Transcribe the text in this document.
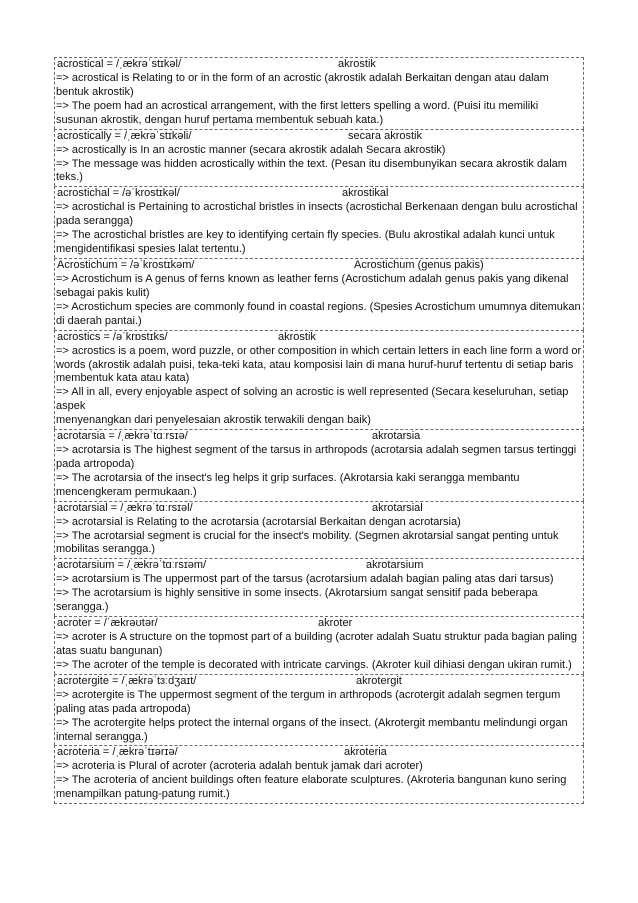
acrostical = /ˌækrəˈstɪkəl/	akrostik
=> acrostical is Relating to or in the form of an acrostic (akrostik adalah Berkaitan dengan atau dalam bentuk akrostik)
=> The poem had an acrostical arrangement, with the first letters spelling a word. (Puisi itu memiliki susunan akrostik, dengan huruf pertama membentuk sebuah kata.)
acrostically = /ˌækrəˈstɪkəli/	secara akrostik
=> acrostically is In an acrostic manner (secara akrostik adalah Secara akrostik)
=> The message was hidden acrostically within the text. (Pesan itu disembunyikan secara akrostik dalam teks.)
acrostichal = /əˈkrostɪkəl/	akrostikal
=> acrostichal is Pertaining to acrostichal bristles in insects (acrostichal Berkenaan dengan bulu acrostichal pada serangga)
=> The acrostichal bristles are key to identifying certain fly species. (Bulu akrostikal adalah kunci untuk mengidentifikasi spesies lalat tertentu.)
Acrostichum = /əˈkrostɪkəm/	Acrostichum (genus pakis)
=> Acrostichum is A genus of ferns known as leather ferns (Acrostichum adalah genus pakis yang dikenal sebagai pakis kulit)
=> Acrostichum species are commonly found in coastal regions. (Spesies Acrostichum umumnya ditemukan di daerah pantai.)
acrostics = /əˈkrɒstɪks/	akrostik
=> acrostics is a poem, word puzzle, or other composition in which certain letters in each line form a word or words (akrostik adalah puisi, teka-teki kata, atau komposisi lain di mana huruf-huruf tertentu di setiap baris membentuk kata atau kata)
=> All in all, every enjoyable aspect of solving an acrostic is well represented (Secara keseluruhan, setiap aspek
menyenangkan dari penyelesaian akrostik terwakili dengan baik)
acrotarsia = /ˌækrəˈtɑːrsɪə/	akrotarsia
=> acrotarsia is The highest segment of the tarsus in arthropods (acrotarsia adalah segmen tarsus tertinggi pada artropoda)
=> The acrotarsia of the insect's leg helps it grip surfaces. (Akrotarsia kaki serangga membantu mencengkeram permukaan.)
acrotarsial = /ˌækrəˈtɑːrsɪəl/	akrotarsial
=> acrotarsial is Relating to the acrotarsia (acrotarsial Berkaitan dengan acrotarsia)
=> The acrotarsial segment is crucial for the insect's mobility. (Segmen akrotarsial sangat penting untuk mobilitas serangga.)
acrotarsium = /ˌækrəˈtɑːrsɪəm/	akrotarsium
=> acrotarsium is The uppermost part of the tarsus (acrotarsium adalah bagian paling atas dari tarsus)
=> The acrotarsium is highly sensitive in some insects. (Akrotarsium sangat sensitif pada beberapa serangga.)
acroter = /ˈækrəʊtər/	akroter
=> acroter is A structure on the topmost part of a building (acroter adalah Suatu struktur pada bagian paling atas suatu bangunan)
=> The acroter of the temple is decorated with intricate carvings. (Akroter kuil dihiasi dengan ukiran rumit.)
acrotergite = /ˌækrəˈtɜːdʒaɪt/	akrotergit
=> acrotergite is The uppermost segment of the tergum in arthropods (acrotergit adalah segmen tergum paling atas pada artropoda)
=> The acrotergite helps protect the internal organs of the insect. (Akrotergit membantu melindungi organ internal serangga.)
acroteria = /ˌækrəˈtɪərɪə/	akroteria
=> acroteria is Plural of acroter (acroteria adalah bentuk jamak dari acroter)
=> The acroteria of ancient buildings often feature elaborate sculptures. (Akroteria bangunan kuno sering menampilkan patung-patung rumit.)
